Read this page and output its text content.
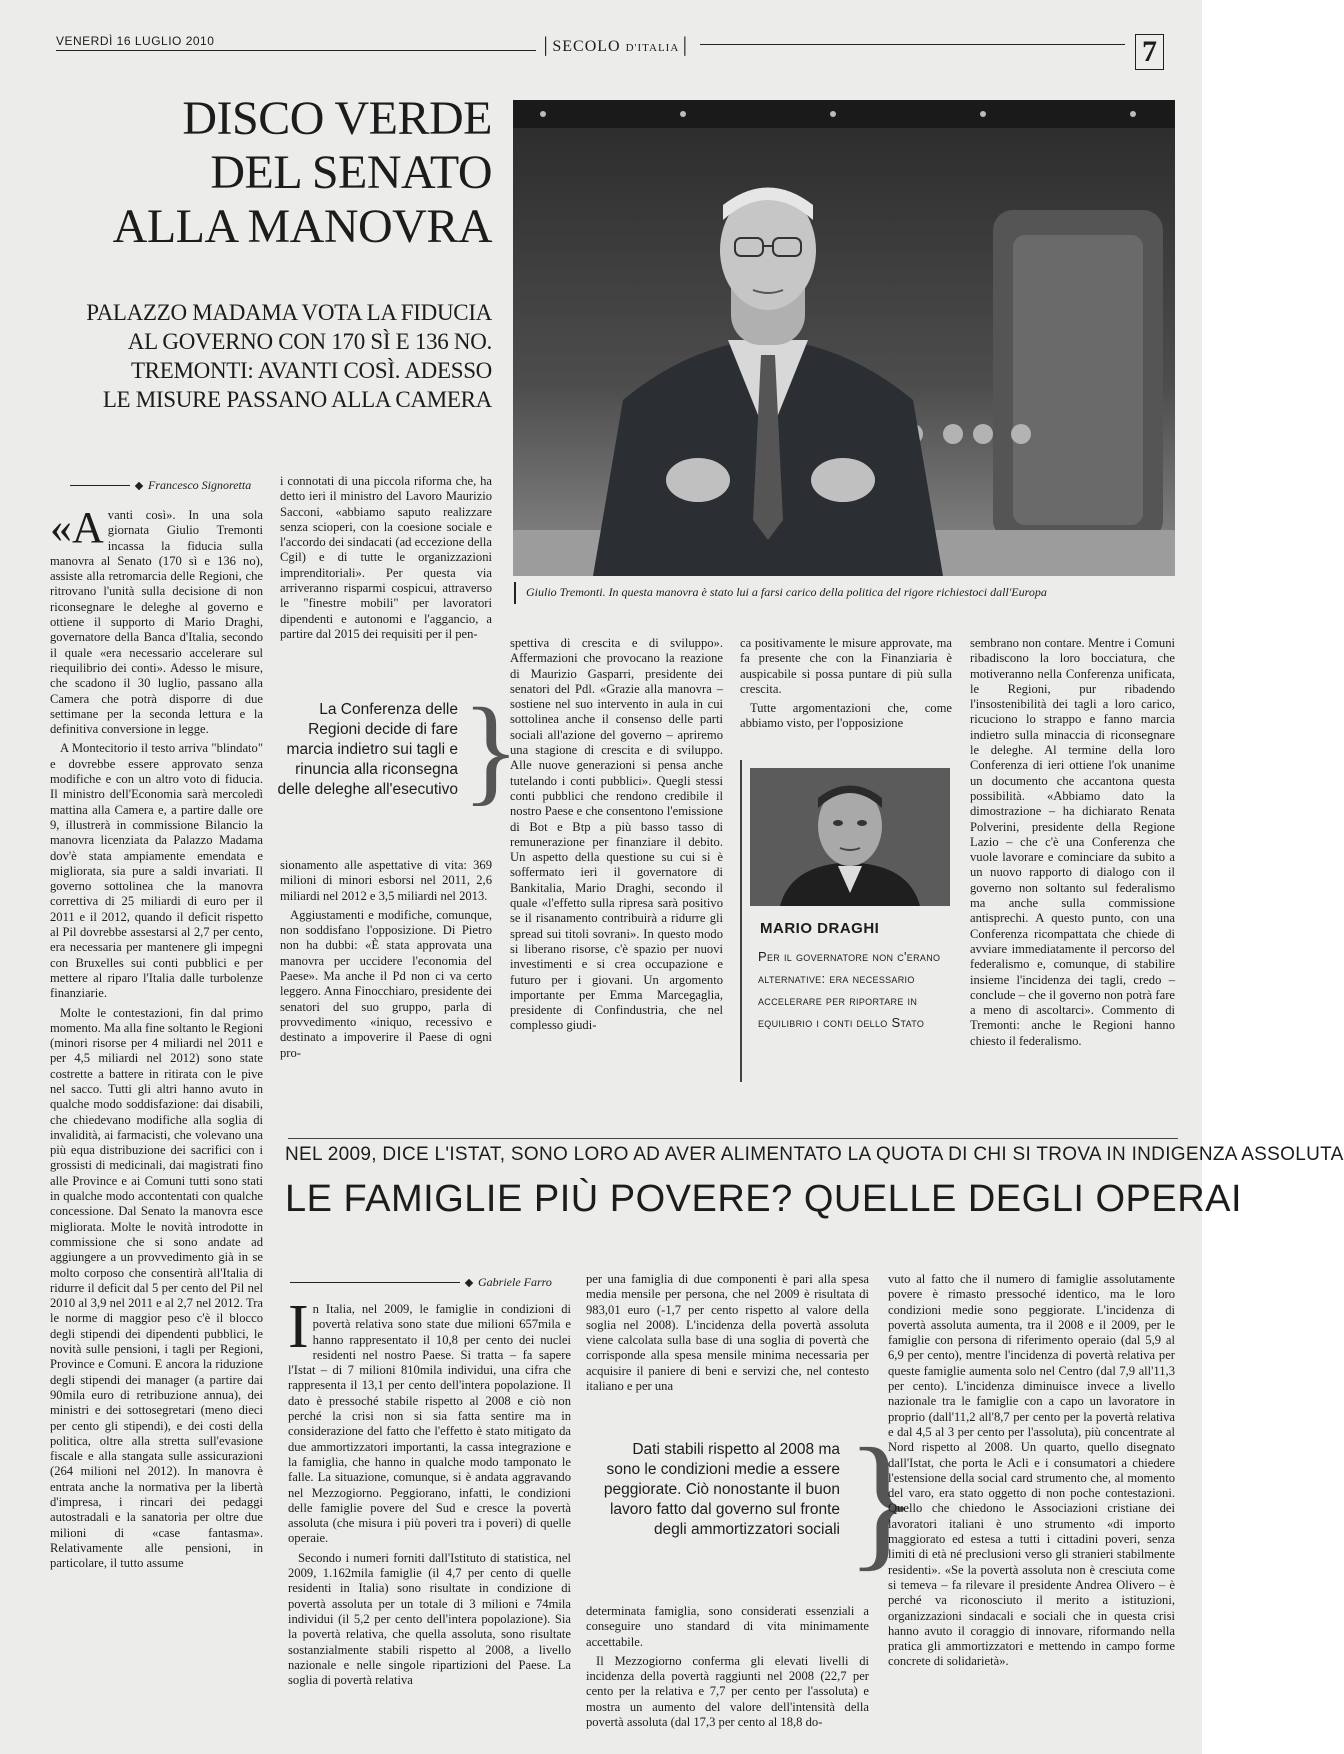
VENERDÌ 16 LUGLIO 2010	│SECOLO D'ITALIA│	7
DISCO VERDE
DEL SENATO
ALLA MANOVRA
PALAZZO MADAMA VOTA LA FIDUCIA
AL GOVERNO CON 170 SÌ E 136 NO.
TREMONTI: AVANTI COSÌ. ADESSO
LE MISURE PASSANO ALLA CAMERA
Giulio Tremonti. In questa manovra è stato lui a farsi carico della politica del rigore richiestoci dall'Europa
Francesco Signoretta

«Avanti così». In una sola giornata Giulio Tremonti incassa la fiducia sulla manovra al Senato (170 sì e 136 no), assiste alla retromarcia delle Regioni, che ritrovano l'unità sulla decisione di non riconsegnare le deleghe al governo e ottiene il supporto di Mario Draghi, governatore della Banca d'Italia, secondo il quale «era necessario accelerare sul riequilibrio dei conti». Adesso le misure, che scadono il 30 luglio, passano alla Camera che potrà disporre di due settimane per la seconda lettura e la definitiva conversione in legge.

A Montecitorio il testo arriva "blindato" e dovrebbe essere approvato senza modifiche e con un altro voto di fiducia. Il ministro dell'Economia sarà mercoledì mattina alla Camera e, a partire dalle ore 9, illustrerà in commissione Bilancio la manovra licenziata da Palazzo Madama dov'è stata ampiamente emendata e migliorata, sia pure a saldi invariati. Il governo sottolinea che la manovra correttiva di 25 miliardi di euro per il 2011 e il 2012, quando il deficit rispetto al Pil dovrebbe assestarsi al 2,7 per cento, era necessaria per mantenere gli impegni con Bruxelles sui conti pubblici e per mettere al riparo l'Italia dalle turbolenze finanziarie.

Molte le contestazioni, fin dal primo momento. Ma alla fine soltanto le Regioni (minori risorse per 4 miliardi nel 2011 e per 4,5 miliardi nel 2012) sono state costrette a battere in ritirata con le pive nel sacco. Tutti gli altri hanno avuto in qualche modo soddisfazione: dai disabili, che chiedevano modifiche alla soglia di invalidità, ai farmacisti, che volevano una più equa distribuzione dei sacrifici con i grossisti di medicinali, dai magistrati fino alle Province e ai Comuni tutti sono stati in qualche modo accontentati con qualche concessione. Dal Senato la manovra esce migliorata. Molte le novità introdotte in commissione che si sono andate ad aggiungere a un provvedimento già in se molto corposo che consentirà all'Italia di ridurre il deficit dal 5 per cento del Pil nel 2010 al 3,9 nel 2011 e al 2,7 nel 2012. Tra le norme di maggior peso c'è il blocco degli stipendi dei dipendenti pubblici, le novità sulle pensioni, i tagli per Regioni, Province e Comuni. E ancora la riduzione degli stipendi dei manager (a partire dai 90mila euro di retribuzione annua), dei ministri e dei sottosegretari (meno dieci per cento gli stipendi), e dei costi della politica, oltre alla stretta sull'evasione fiscale e alla stangata sulle assicurazioni (264 milioni nel 2012). In manovra è entrata anche la normativa per la libertà d'impresa, i rincari dei pedaggi autostradali e la sanatoria per oltre due milioni di «case fantasma». Relativamente alle pensioni, in particolare, il tutto assume

i connotati di una piccola riforma che, ha detto ieri il ministro del Lavoro Maurizio Sacconi, «abbiamo saputo realizzare senza scioperi, con la coesione sociale e l'accordo dei sindacati (ad eccezione della Cgil) e di tutte le organizzazioni imprenditoriali». Per questa via arriveranno risparmi cospicui, attraverso le "finestre mobili" per lavoratori dipendenti e autonomi e l'aggancio, a partire dal 2015 dei requisiti per il pen-

La Conferenza delle Regioni decide di fare marcia indietro sui tagli e rinuncia alla riconsegna delle deleghe all'esecutivo }

sionamento alle aspettative di vita: 369 milioni di minori esborsi nel 2011, 2,6 miliardi nel 2012 e 3,5 miliardi nel 2013.

Aggiustamenti e modifiche, comunque, non soddisfano l'opposizione. Di Pietro non ha dubbi: «È stata approvata una manovra per uccidere l'economia del Paese». Ma anche il Pd non ci va certo leggero. Anna Finocchiaro, presidente dei senatori del suo gruppo, parla di provvedimento «iniquo, recessivo e destinato a impoverire il Paese di ogni pro-

spettiva di crescita e di sviluppo». Affermazioni che provocano la reazione di Maurizio Gasparri, presidente dei senatori del Pdl. «Grazie alla manovra – sostiene nel suo intervento in aula in cui sottolinea anche il consenso delle parti sociali all'azione del governo – apriremo una stagione di crescita e di sviluppo. Alle nuove generazioni si pensa anche tutelando i conti pubblici». Quegli stessi conti pubblici che rendono credibile il nostro Paese e che consentono l'emissione di Bot e Btp a più basso tasso di remunerazione per finanziare il debito. Un aspetto della questione su cui si è soffermato ieri il governatore di Bankitalia, Mario Draghi, secondo il quale «l'effetto sulla ripresa sarà positivo se il risanamento contribuirà a ridurre gli spread sui titoli sovrani». In questo modo si liberano risorse, c'è spazio per nuovi investimenti e si crea occupazione e futuro per i giovani. Un argomento importante per Emma Marcegaglia, presidente di Confindustria, che nel complesso giudi-

ca positivamente le misure approvate, ma fa presente che con la Finanziaria è auspicabile si possa puntare di più sulla crescita.

Tutte argomentazioni che, come abbiamo visto, per l'opposizione

MARIO DRAGHI
Per il governatore non c'erano alternative: era necessario accelerare per riportare in equilibrio i conti dello Stato

sembrano non contare. Mentre i Comuni ribadiscono la loro bocciatura, che motiveranno nella Conferenza unificata, le Regioni, pur ribadendo l'insostenibilità dei tagli a loro carico, ricuciono lo strappo e fanno marcia indietro sulla minaccia di riconsegnare le deleghe. Al termine della loro Conferenza di ieri ottiene l'ok unanime un documento che accantona questa possibilità. «Abbiamo dato la dimostrazione – ha dichiarato Renata Polverini, presidente della Regione Lazio – che c'è una Conferenza che vuole lavorare e cominciare da subito a un nuovo rapporto di dialogo con il governo non soltanto sul federalismo ma anche sulla commissione antisprechi. A questo punto, con una Conferenza ricompattata che chiede di avviare immediatamente il percorso del federalismo e, comunque, di stabilire insieme l'incidenza dei tagli, credo – conclude – che il governo non potrà fare a meno di ascoltarci». Commento di Tremonti: anche le Regioni hanno chiesto il federalismo.

NEL 2009, DICE L'ISTAT, SONO LORO AD AVER ALIMENTATO LA QUOTA DI CHI SI TROVA IN INDIGENZA ASSOLUTA
LE FAMIGLIE PIÙ POVERE? QUELLE DEGLI OPERAI
Gabriele Farro

In Italia, nel 2009, le famiglie in condizioni di povertà relativa sono state due milioni 657mila e hanno rappresentato il 10,8 per cento dei nuclei residenti nel nostro Paese. Si tratta – fa sapere l'Istat – di 7 milioni 810mila individui, una cifra che rappresenta il 13,1 per cento dell'intera popolazione. Il dato è pressoché stabile rispetto al 2008 e ciò non perché la crisi non si sia fatta sentire ma in considerazione del fatto che l'effetto è stato mitigato da due ammortizzatori importanti, la cassa integrazione e la famiglia, che hanno in qualche modo tamponato le falle. La situazione, comunque, si è andata aggravando nel Mezzogiorno. Peggiorano, infatti, le condizioni delle famiglie povere del Sud e cresce la povertà assoluta (che misura i più poveri tra i poveri) di quelle operaie.

Secondo i numeri forniti dall'Istituto di statistica, nel 2009, 1.162mila famiglie (il 4,7 per cento di quelle residenti in Italia) sono risultate in condizione di povertà assoluta per un totale di 3 milioni e 74mila individui (il 5,2 per cento dell'intera popolazione). Sia la povertà relativa, che quella assoluta, sono risultate sostanzialmente stabili rispetto al 2008, a livello nazionale e nelle singole ripartizioni del Paese. La soglia di povertà relativa

per una famiglia di due componenti è pari alla spesa media mensile per persona, che nel 2009 è risultata di 983,01 euro (-1,7 per cento rispetto al valore della soglia nel 2008). L'incidenza della povertà assoluta viene calcolata sulla base di una soglia di povertà che corrisponde alla spesa mensile minima necessaria per acquisire il paniere di beni e servizi che, nel contesto italiano e per una

Dati stabili rispetto al 2008 ma sono le condizioni medie a essere peggiorate. Ciò nonostante il buon lavoro fatto dal governo sul fronte degli ammortizzatori sociali }

determinata famiglia, sono considerati essenziali a conseguire uno standard di vita minimamente accettabile.

Il Mezzogiorno conferma gli elevati livelli di incidenza della povertà raggiunti nel 2008 (22,7 per cento per la relativa e 7,7 per cento per l'assoluta) e mostra un aumento del valore dell'intensità della povertà assoluta (dal 17,3 per cento al 18,8 do-

vuto al fatto che il numero di famiglie assolutamente povere è rimasto pressoché identico, ma le loro condizioni medie sono peggiorate. L'incidenza di povertà assoluta aumenta, tra il 2008 e il 2009, per le famiglie con persona di riferimento operaio (dal 5,9 al 6,9 per cento), mentre l'incidenza di povertà relativa per queste famiglie aumenta solo nel Centro (dal 7,9 all'11,3 per cento). L'incidenza diminuisce invece a livello nazionale tra le famiglie con a capo un lavoratore in proprio (dall'11,2 all'8,7 per cento per la povertà relativa e dal 4,5 al 3 per cento per l'assoluta), più concentrate al Nord rispetto al 2008. Un quarto, quello disegnato dall'Istat, che porta le Acli e i consumatori a chiedere l'estensione della social card strumento che, al momento del varo, era stato oggetto di non poche contestazioni. Quello che chiedono le Associazioni cristiane dei lavoratori italiani è uno strumento «di importo maggiorato ed estesa a tutti i cittadini poveri, senza limiti di età né preclusioni verso gli stranieri stabilmente residenti». «Se la povertà assoluta non è cresciuta come si temeva – fa rilevare il presidente Andrea Olivero – è perché va riconosciuto il merito a istituzioni, organizzazioni sindacali e sociali che in questa crisi hanno avuto il coraggio di innovare, riformando nella pratica gli ammortizzatori e mettendo in campo forme concrete di solidarietà».
